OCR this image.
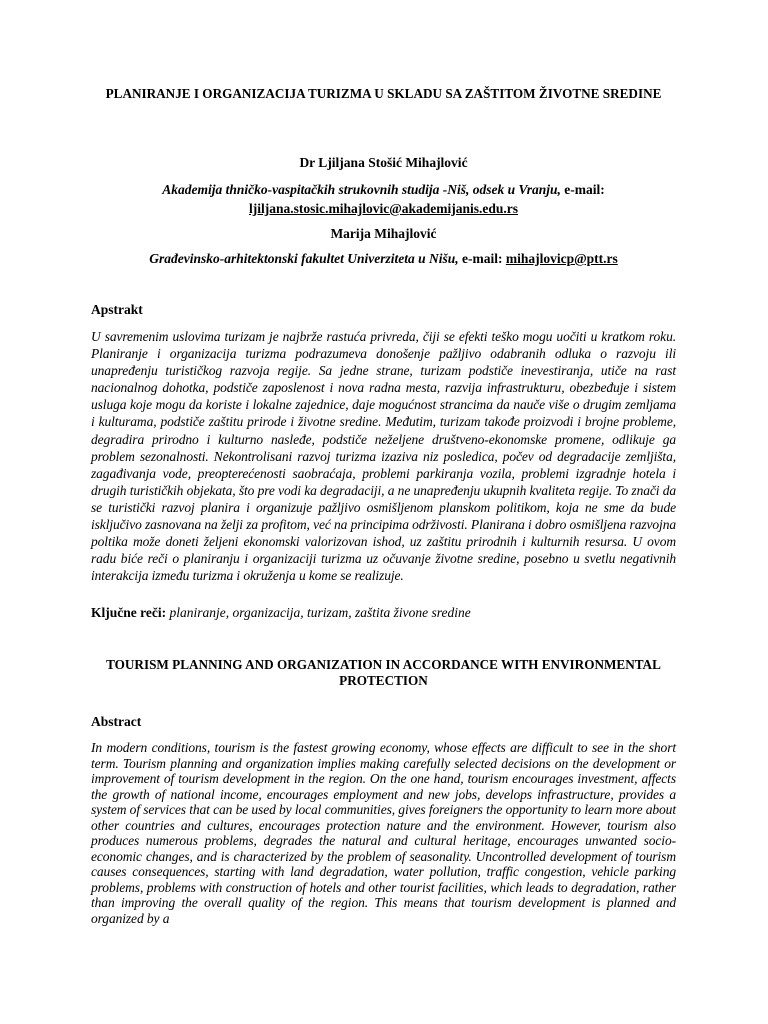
PLANIRANJE I ORGANIZACIJA TURIZMA U SKLADU SA ZAŠTITOM ŽIVOTNE SREDINE

Dr Ljiljana Stošić Mihajlović

Akademija thničko-vaspitačkih strukovnih studija -Niš, odsek u Vranju, e-mail:
ljiljana.stosic.mihajlovic@akademijanis.edu.rs

Marija Mihajlović

Građevinsko-arhitektonski fakultet Univerziteta u Nišu, e-mail: mihajlovicp@ptt.rs

Apstrakt

U savremenim uslovima turizam je najbrže rastuća privreda, čiji se efekti teško mogu uočiti u kratkom roku. Planiranje i organizacija turizma podrazumeva donošenje pažljivo odabranih odluka o razvoju ili unapređenju turističkog razvoja regije. Sa jedne strane, turizam podstiče inevestiranja, utiče na rast nacionalnog dohotka, podstiče zaposlenost i nova radna mesta, razvija infrastrukturu, obezbeđuje i sistem usluga koje mogu da koriste i lokalne zajednice, daje mogućnost strancima da nauče više o drugim zemljama i kulturama, podstiče zaštitu prirode i životne sredine. Međutim, turizam takođe proizvodi i brojne probleme, degradira prirodno i kulturno nasleđe, podstiče neželjene društveno-ekonomske promene, odlikuje ga problem sezonalnosti. Nekontrolisani razvoj turizma izaziva niz posledica, počev od degradacije zemljišta, zagađivanja vode, preopterećenosti saobraćaja, problemi parkiranja vozila, problemi izgradnje hotela i drugih turističkih objekata, što pre vodi ka degradaciji, a ne unapređenju ukupnih kvaliteta regije. To znači da se turistički razvoj planira i organizuje pažljivo osmišljenom planskom politikom, koja ne sme da bude isključivo zasnovana na želji za profitom, već na principima održivosti. Planirana i dobro osmišljena razvojna poltika može doneti željeni ekonomski valorizovan ishod, uz zaštitu prirodnih i kulturnih resursa. U ovom radu biće reči o planiranju i organizaciji turizma uz očuvanje životne sredine, posebno u svetlu negativnih interakcija između turizma i okruženja u kome se realizuje.

Ključne reči: planiranje, organizacija, turizam, zaštita živone sredine

TOURISM PLANNING AND ORGANIZATION IN ACCORDANCE WITH ENVIRONMENTAL PROTECTION

Abstract

In modern conditions, tourism is the fastest growing economy, whose effects are difficult to see in the short term. Tourism planning and organization implies making carefully selected decisions on the development or improvement of tourism development in the region. On the one hand, tourism encourages investment, affects the growth of national income, encourages employment and new jobs, develops infrastructure, provides a system of services that can be used by local communities, gives foreigners the opportunity to learn more about other countries and cultures, encourages protection nature and the environment. However, tourism also produces numerous problems, degrades the natural and cultural heritage, encourages unwanted socio-economic changes, and is characterized by the problem of seasonality. Uncontrolled development of tourism causes consequences, starting with land degradation, water pollution, traffic congestion, vehicle parking problems, problems with construction of hotels and other tourist facilities, which leads to degradation, rather than improving the overall quality of the region. This means that tourism development is planned and organized by a
